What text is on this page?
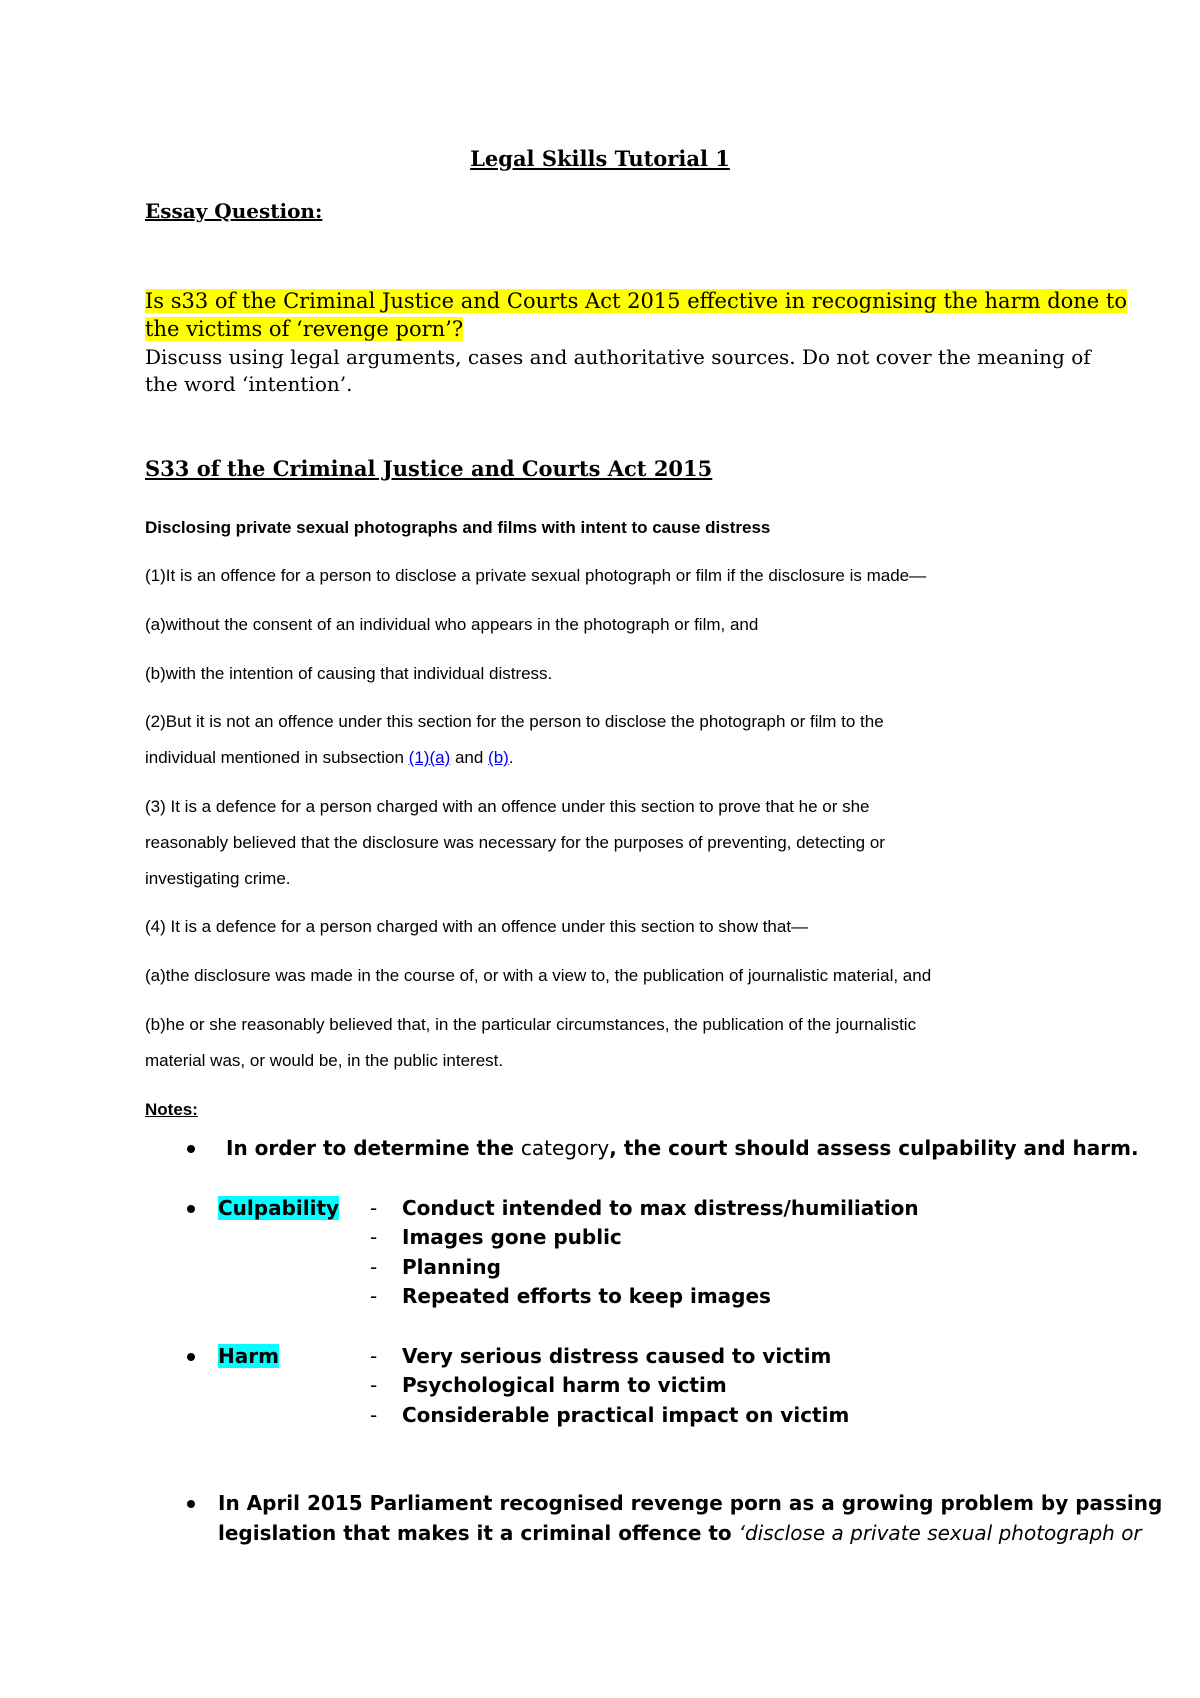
Legal Skills Tutorial 1
Essay Question:
Is s33 of the Criminal Justice and Courts Act 2015 effective in recognising the harm done to
the victims of ‘revenge porn’?
Discuss using legal arguments, cases and authoritative sources. Do not cover the meaning of
the word ‘intention’.
S33 of the Criminal Justice and Courts Act 2015
Disclosing private sexual photographs and films with intent to cause distress
(1)It is an offence for a person to disclose a private sexual photograph or film if the disclosure is made—
(a)without the consent of an individual who appears in the photograph or film, and
(b)with the intention of causing that individual distress.
(2)But it is not an offence under this section for the person to disclose the photograph or film to the
individual mentioned in subsection (1)(a) and (b).
(3) It is a defence for a person charged with an offence under this section to prove that he or she
reasonably believed that the disclosure was necessary for the purposes of preventing, detecting or
investigating crime.
(4) It is a defence for a person charged with an offence under this section to show that—
(a)the disclosure was made in the course of, or with a view to, the publication of journalistic material, and
(b)he or she reasonably believed that, in the particular circumstances, the publication of the journalistic
material was, or would be, in the public interest.
Notes:
In order to determine the category, the court should assess culpability and harm.
Culpability - Conduct intended to max distress/humiliation
- Images gone public
- Planning
- Repeated efforts to keep images
Harm	- Very serious distress caused to victim
- Psychological harm to victim
- Considerable practical impact on victim
In April 2015 Parliament recognised revenge porn as a growing problem by passing
legislation that makes it a criminal offence to ‘disclose a private sexual photograph or
